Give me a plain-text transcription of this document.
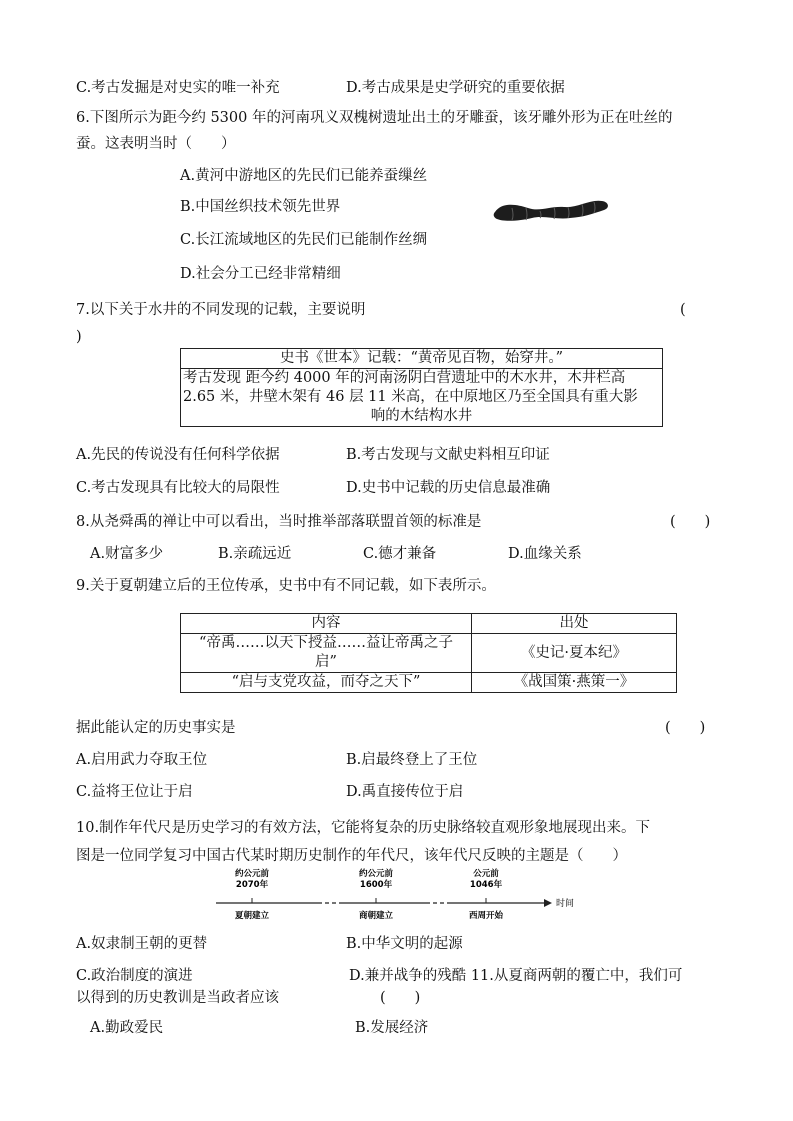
C.考古发掘是对史实的唯一补充	D.考古成果是史学研究的重要依据
6.下图所示为距今约 5300 年的河南巩义双槐树遗址出土的牙雕蚕，该牙雕外形为正在吐丝的
蚕。这表明当时（　　）
A.黄河中游地区的先民们已能养蚕缫丝
B.中国丝织技术领先世界
C.长江流域地区的先民们已能制作丝绸
D.社会分工已经非常精细
7.以下关于水井的不同发现的记载，主要说明	(
)
史书《世本》记载：“黄帝见百物，始穿井。”

考古发现 距今约 4000 年的河南汤阴白营遗址中的木水井，木井栏高
2.65 米，井壁木架有 46 层 11 米高，在中原地区乃至全国具有重大影
响的木结构水井
A.先民的传说没有任何科学依据	B.考古发现与文献史料相互印证
C.考古发现具有比较大的局限性	D.史书中记载的历史信息最准确
8.从尧舜禹的禅让中可以看出，当时推举部落联盟首领的标准是	(　　)
A.财富多少	B.亲疏远近	C.德才兼备	D.血缘关系
9.关于夏朝建立后的王位传承，史书中有不同记载，如下表所示。
内容	出处

“帝禹……以天下授益……益让帝禹之子
启”	《史记·夏本纪》
“启与支党攻益，而夺之天下”	《战国策·燕策一》
据此能认定的历史事实是	(　　)
A.启用武力夺取王位	B.启最终登上了王位
C.益将王位让于启	D.禹直接传位于启
10.制作年代尺是历史学习的有效方法，它能将复杂的历史脉络较直观形象地展现出来。下
图是一位同学复习中国古代某时期历史制作的年代尺，该年代尺反映的主题是（　　）
约公元前
2070年
夏朝建立
约公元前
1600年
商朝建立
公元前
1046年
西周开始
时间
A.奴隶制王朝的更替	B.中华文明的起源
C.政治制度的演进	D.兼并战争的残酷 11.从夏商两朝的覆亡中，我们可
以得到的历史教训是当政者应该	(　　)
A.勤政爱民	B.发展经济
